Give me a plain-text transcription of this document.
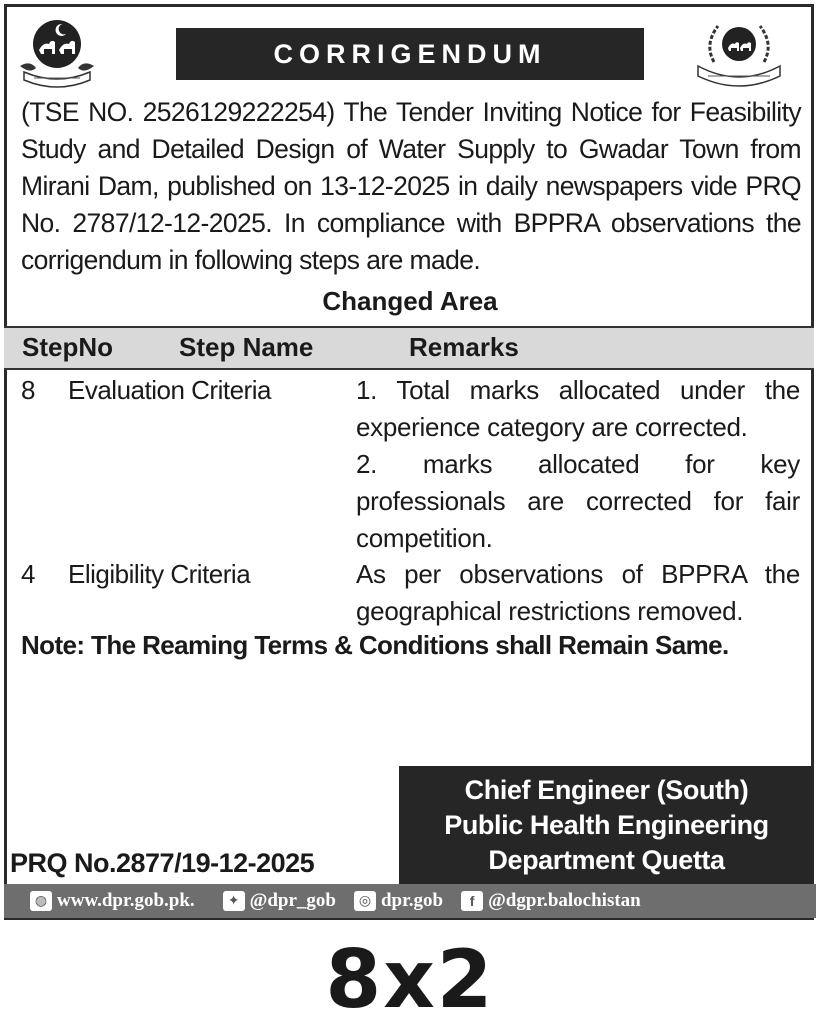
CORRIGENDUM
(TSE NO. 2526129222254) The Tender Inviting Notice for Feasibility Study and Detailed Design of Water Supply to Gwadar Town from Mirani Dam, published on 13-12-2025 in daily newspapers vide PRQ No. 2787/12-12-2025. In compliance with BPPRA observations the corrigendum in following steps are made.
Changed Area
StepNo	Step Name	Remarks
8 Evaluation Criteria	1. Total marks allocated under the experience category are corrected.
2. marks allocated for key professionals are corrected for fair competition.
4 Eligibility Criteria	As per observations of BPPRA the geographical restrictions removed.
Note: The Reaming Terms & Conditions shall Remain Same.
Chief Engineer (South)
Public Health Engineering
Department Quetta
PRQ No.2877/19-12-2025
◍ www.dpr.gob.pk.	✦ @dpr_gob	◎ dpr.gob	f @dgpr.balochistan
8x2
